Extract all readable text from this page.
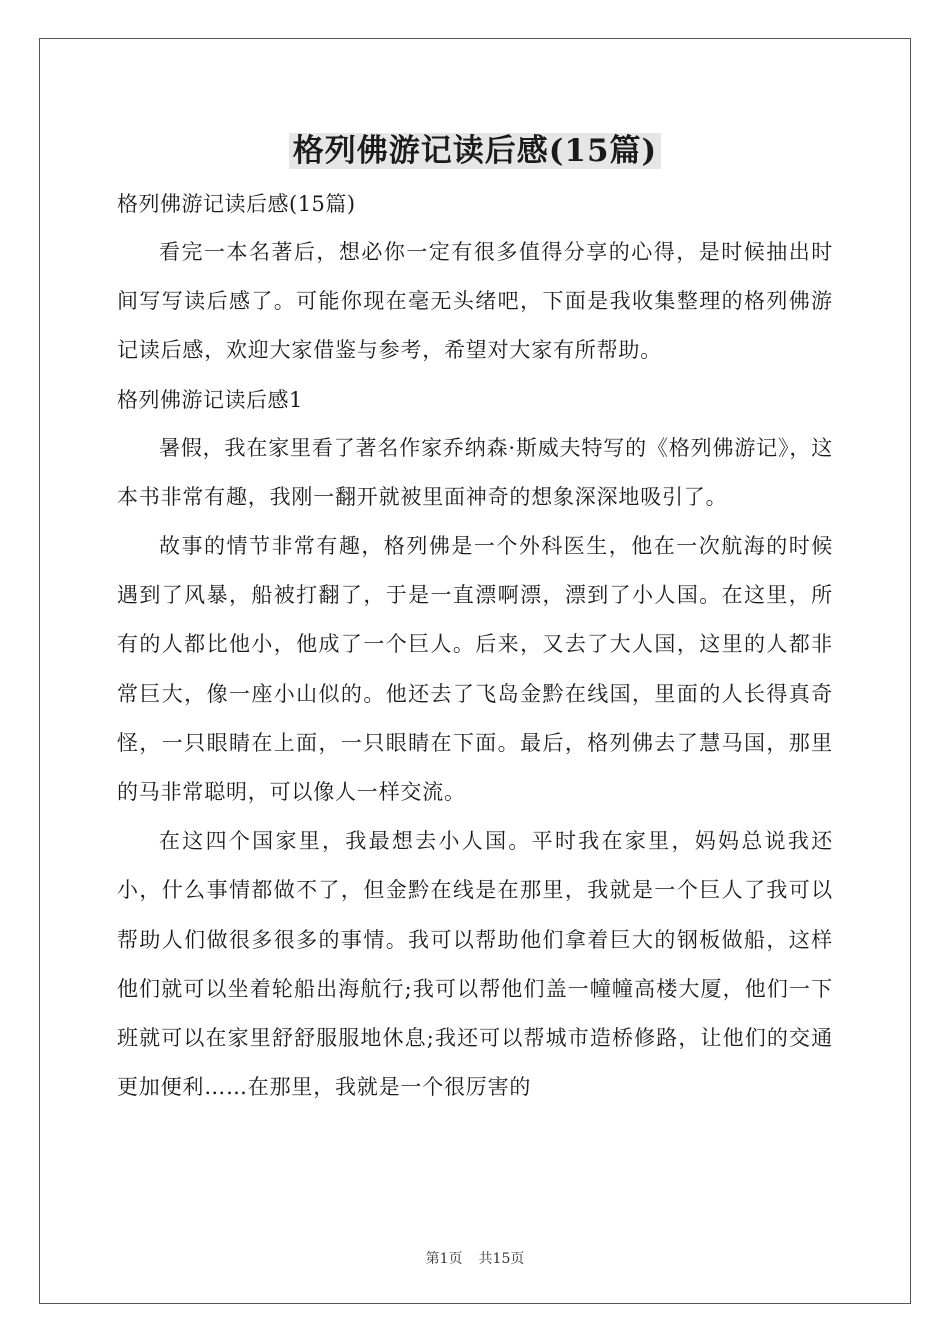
格列佛游记读后感(15篇)

格列佛游记读后感(15篇)

看完一本名著后，想必你一定有很多值得分享的心得，是时候抽出时间写写读后感了。可能你现在毫无头绪吧，下面是我收集整理的格列佛游记读后感，欢迎大家借鉴与参考，希望对大家有所帮助。

格列佛游记读后感1

暑假，我在家里看了著名作家乔纳森·斯威夫特写的《格列佛游记》，这本书非常有趣，我刚一翻开就被里面神奇的想象深深地吸引了。

故事的情节非常有趣，格列佛是一个外科医生，他在一次航海的时候遇到了风暴，船被打翻了，于是一直漂啊漂，漂到了小人国。在这里，所有的人都比他小，他成了一个巨人。后来，又去了大人国，这里的人都非常巨大，像一座小山似的。他还去了飞岛金黔在线国，里面的人长得真奇怪，一只眼睛在上面，一只眼睛在下面。最后，格列佛去了慧马国，那里的马非常聪明，可以像人一样交流。

在这四个国家里，我最想去小人国。平时我在家里，妈妈总说我还小，什么事情都做不了，但金黔在线是在那里，我就是一个巨人了我可以帮助人们做很多很多的事情。我可以帮助他们拿着巨大的钢板做船，这样他们就可以坐着轮船出海航行;我可以帮他们盖一幢幢高楼大厦，他们一下班就可以在家里舒舒服服地休息;我还可以帮城市造桥修路，让他们的交通更加便利……在那里，我就是一个很厉害的

第1页 共15页
